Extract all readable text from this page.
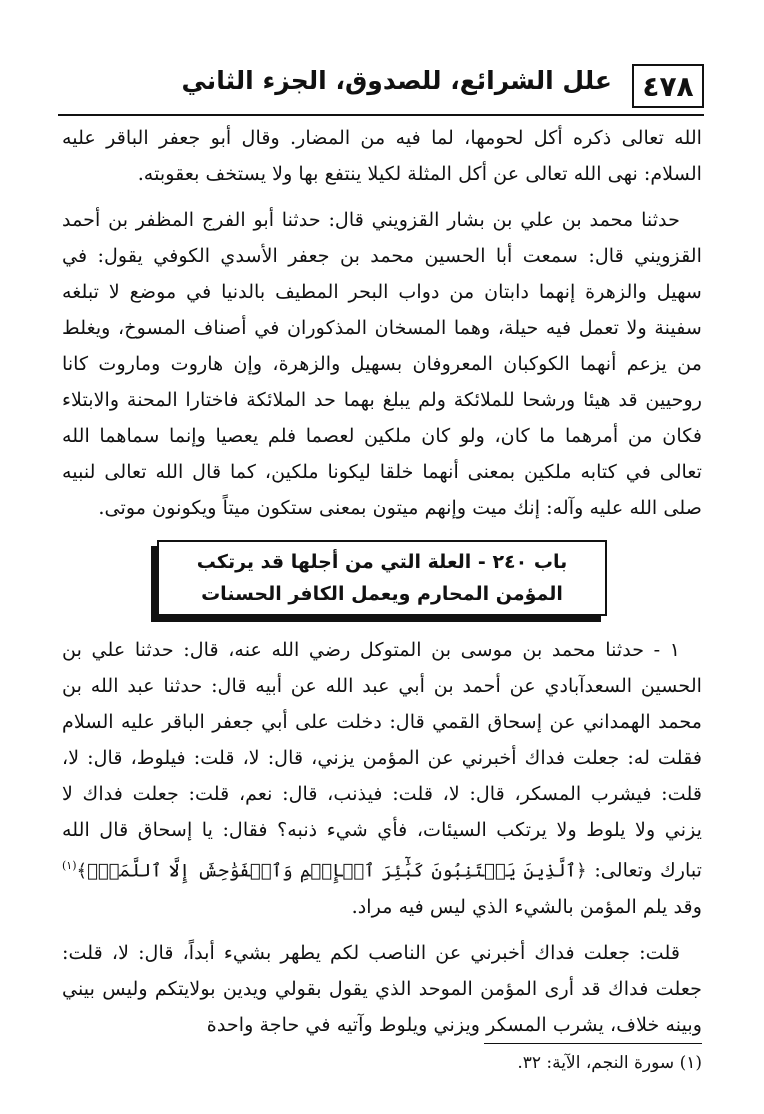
٤٧٨
علل الشرائع، للصدوق، الجزء الثاني

الله تعالى ذكره أكل لحومها، لما فيه من المضار. وقال أبو جعفر الباقر عليه السلام: نهى الله تعالى عن أكل المثلة لكيلا ينتفع بها ولا يستخف بعقوبته.

حدثنا محمد بن علي بن بشار القزويني قال: حدثنا أبو الفرج المظفر بن أحمد القزويني قال: سمعت أبا الحسين محمد بن جعفر الأسدي الكوفي يقول: في سهيل والزهرة إنهما دابتان من دواب البحر المطيف بالدنيا في موضع لا تبلغه سفينة ولا تعمل فيه حيلة، وهما المسخان المذكوران في أصناف المسوخ، ويغلط من يزعم أنهما الكوكبان المعروفان بسهيل والزهرة، وإن هاروت وماروت كانا روحيين قد هيئا ورشحا للملائكة ولم يبلغ بهما حد الملائكة فاختارا المحنة والابتلاء فكان من أمرهما ما كان، ولو كان ملكين لعصما فلم يعصيا وإنما سماهما الله تعالى في كتابه ملكين بمعنى أنهما خلقا ليكونا ملكين، كما قال الله تعالى لنبيه صلى الله عليه وآله: إنك ميت وإنهم ميتون بمعنى ستكون ميتاً ويكونون موتى.

باب ٢٤٠ - العلة التي من أجلها قد يرتكب
المؤمن المحارم ويعمل الكافر الحسنات

١ - حدثنا محمد بن موسى بن المتوكل رضي الله عنه، قال: حدثنا علي بن الحسين السعدآبادي عن أحمد بن أبي عبد الله عن أبيه قال: حدثنا عبد الله بن محمد الهمداني عن إسحاق القمي قال: دخلت على أبي جعفر الباقر عليه السلام فقلت له: جعلت فداك أخبرني عن المؤمن يزني، قال: لا، قلت: فيلوط، قال: لا، قلت: فيشرب المسكر، قال: لا، قلت: فيذنب، قال: نعم، قلت: جعلت فداك لا يزني ولا يلوط ولا يرتكب السيئات، فأي شيء ذنبه؟ فقال: يا إسحاق قال الله تبارك وتعالى: ﴿ٱلَّذِينَ يَجۡتَنِبُونَ كَبَٰٓئِرَ ٱلۡإِثۡمِ وَٱلۡفَوَٰحِشَ إِلَّا ٱللَّمَمَۚ﴾$^{(١)}$ وقد يلم المؤمن بالشيء الذي ليس فيه مراد.

قلت: جعلت فداك أخبرني عن الناصب لكم يطهر بشيء أبداً، قال: لا، قلت: جعلت فداك قد أرى المؤمن الموحد الذي يقول بقولي ويدين بولايتكم وليس بيني وبينه خلاف، يشرب المسكر ويزني ويلوط وآتيه في حاجة واحدة

(١) سورة النجم، الآية: ٣٢.
